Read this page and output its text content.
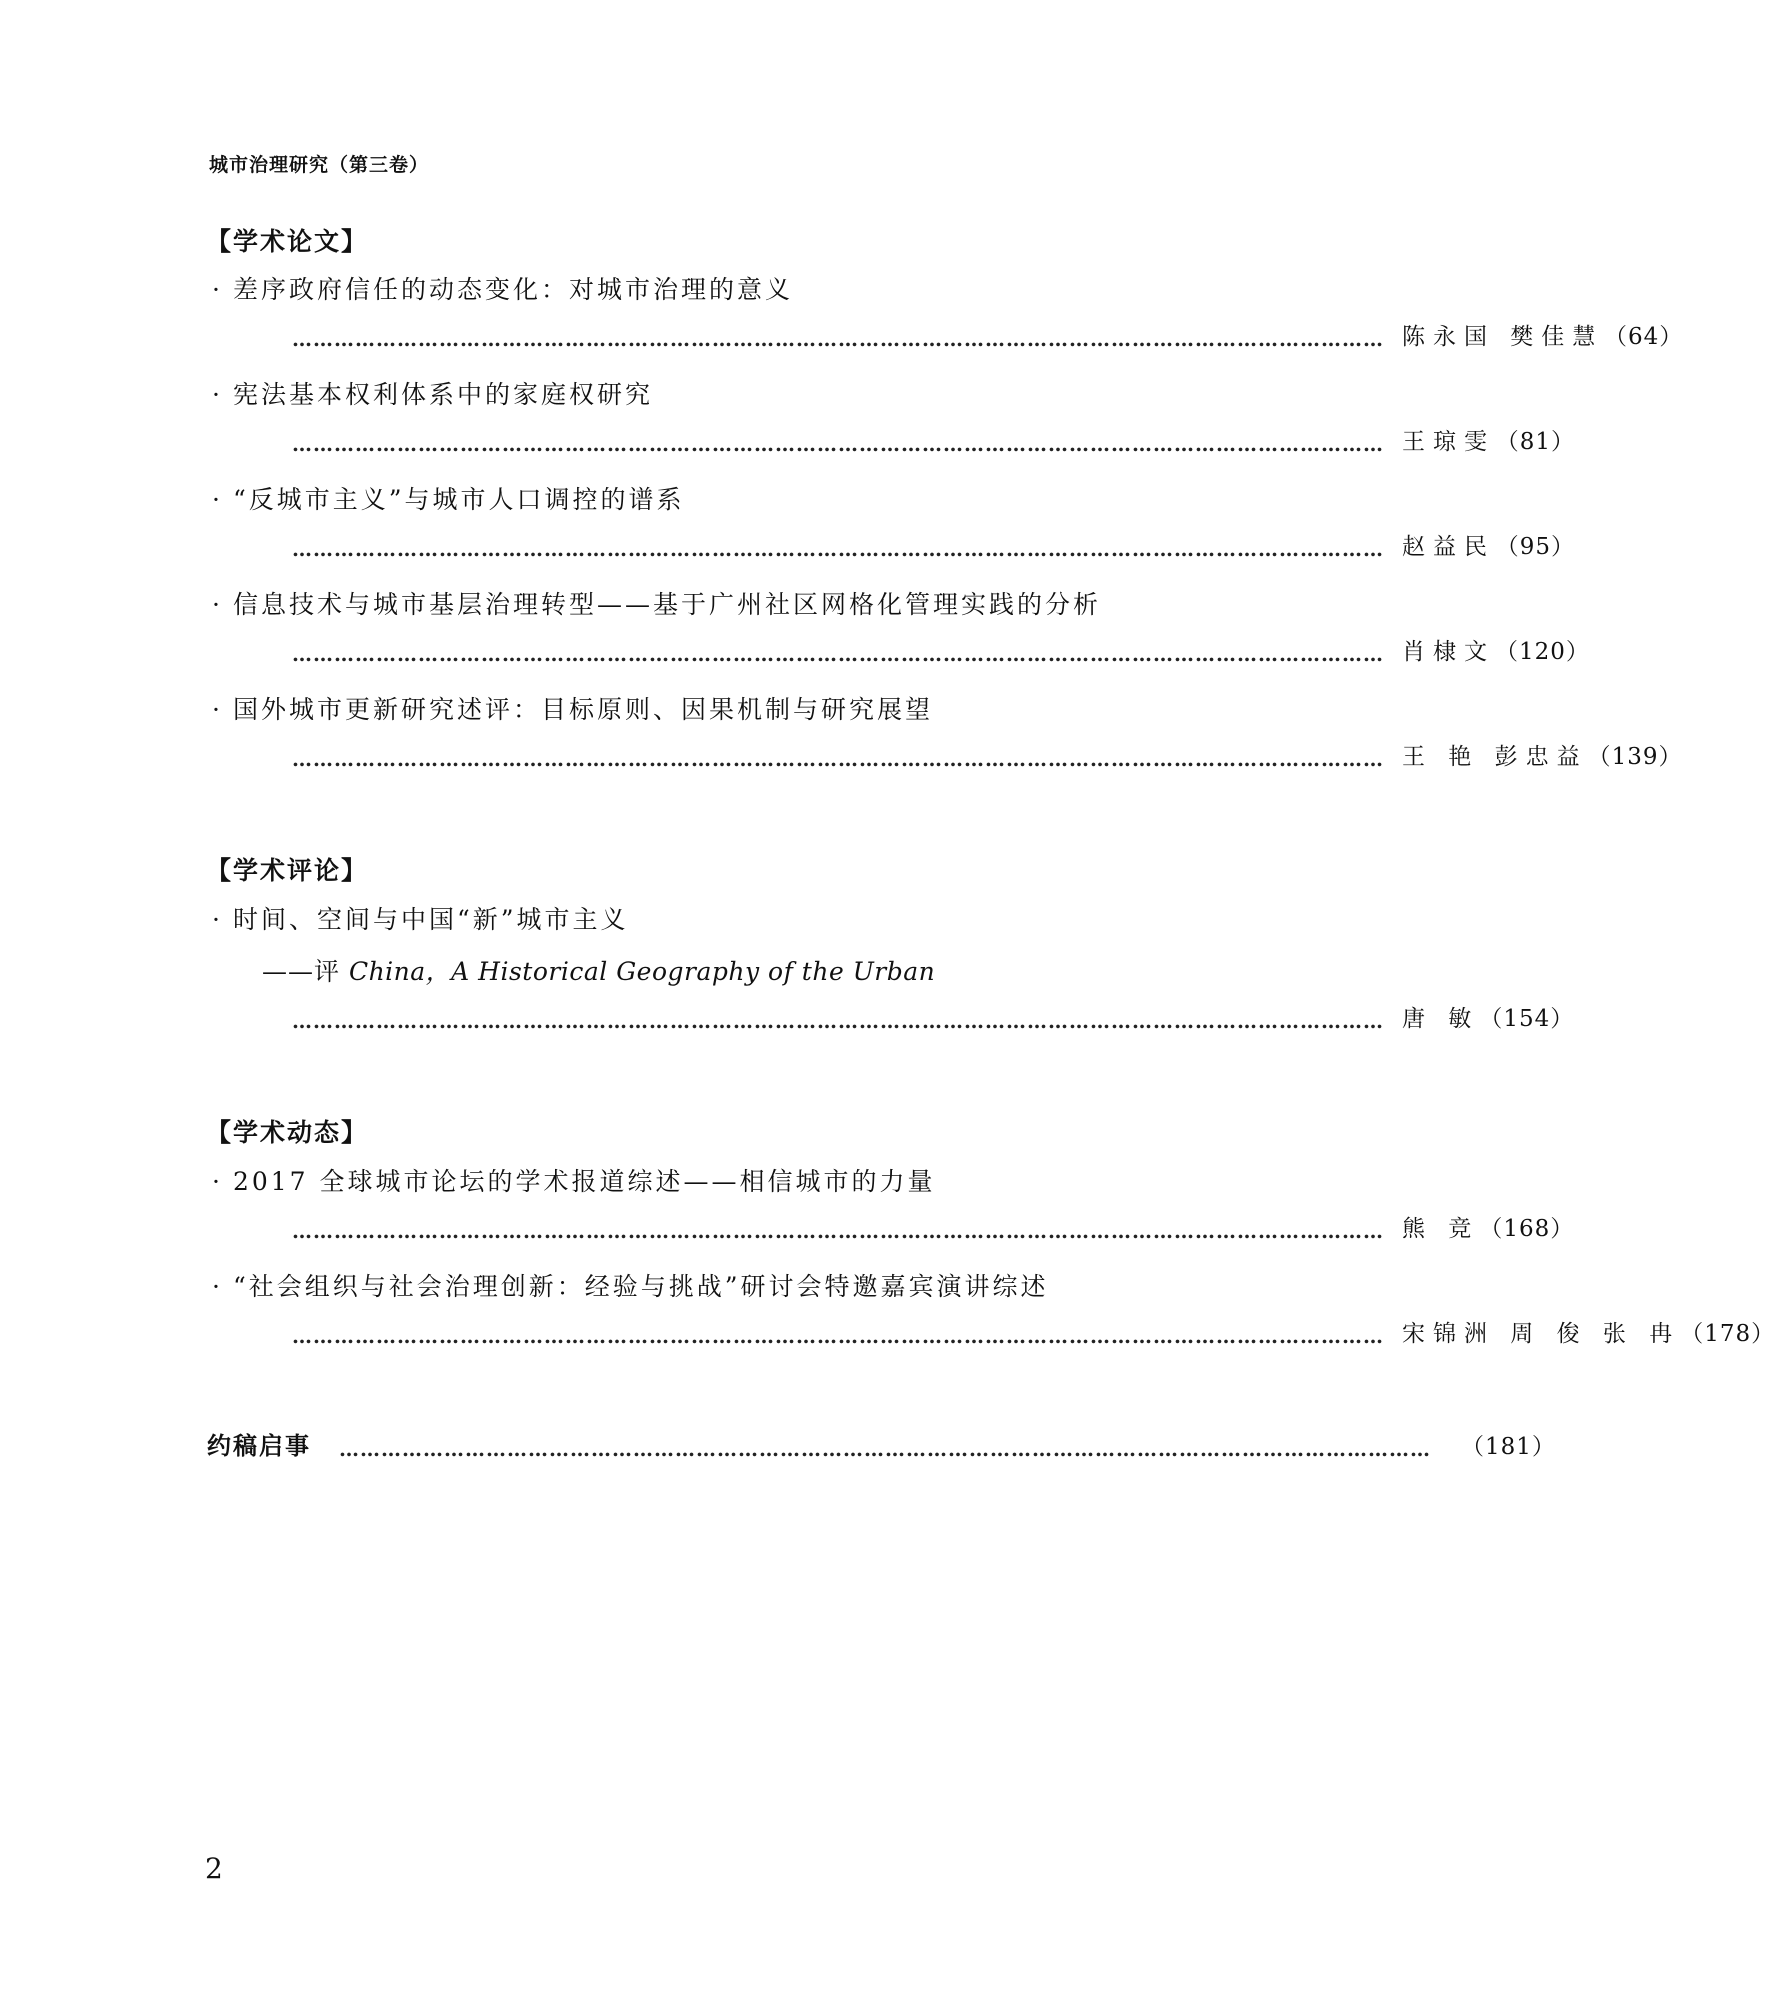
城市治理研究（第三卷）
【学术论文】
· 差序政府信任的动态变化：对城市治理的意义
………………………………………………………………………………………………………………………………………… 陈永国 樊佳慧 （64）
· 宪法基本权利体系中的家庭权研究
………………………………………………………………………………………………………………………………………… 王琼雯 （81）
· “反城市主义”与城市人口调控的谱系
………………………………………………………………………………………………………………………………………… 赵益民 （95）
· 信息技术与城市基层治理转型——基于广州社区网格化管理实践的分析
………………………………………………………………………………………………………………………………………… 肖棣文 （120）
· 国外城市更新研究述评：目标原则、因果机制与研究展望
………………………………………………………………………………………………………………………………………… 王 艳 彭忠益 （139）
【学术评论】
· 时间、空间与中国“新”城市主义
——评 China，A Historical Geography of the Urban
………………………………………………………………………………………………………………………………………… 唐 敏 （154）
【学术动态】
· 2017 全球城市论坛的学术报道综述——相信城市的力量
………………………………………………………………………………………………………………………………………… 熊 竞 （168）
· “社会组织与社会治理创新：经验与挑战”研讨会特邀嘉宾演讲综述
………………………………………………………………………………………………………………………………………… 宋锦洲 周 俊 张 冉 （178）
约稿启事 ………………………………………………………………………………………………………………………………………… （181）
2
